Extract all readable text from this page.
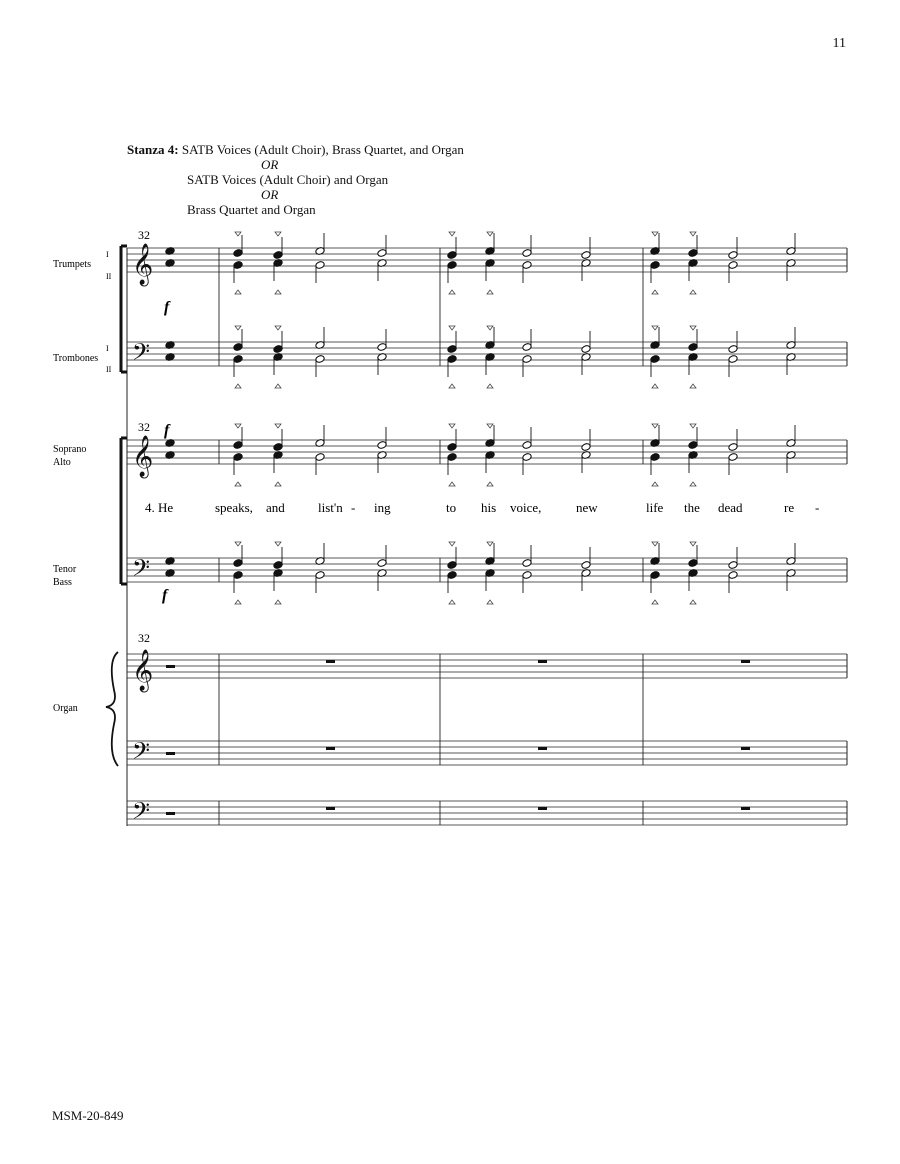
11
Stanza 4: SATB Voices (Adult Choir), Brass Quartet, and Organ
OR
SATB Voices (Adult Choir) and Organ
OR
Brass Quartet and Organ
Trumpets
I
II
Trombones
I
II
Soprano
Alto
Tenor
Bass
Organ
32
32
32
f
f
f
4. He	speaks, and	list'n - ing	to his voice,	new	life the dead	re -
𝄞
𝄢
𝄞
𝄢
𝄞
𝄢
𝄢
MSM-20-849
